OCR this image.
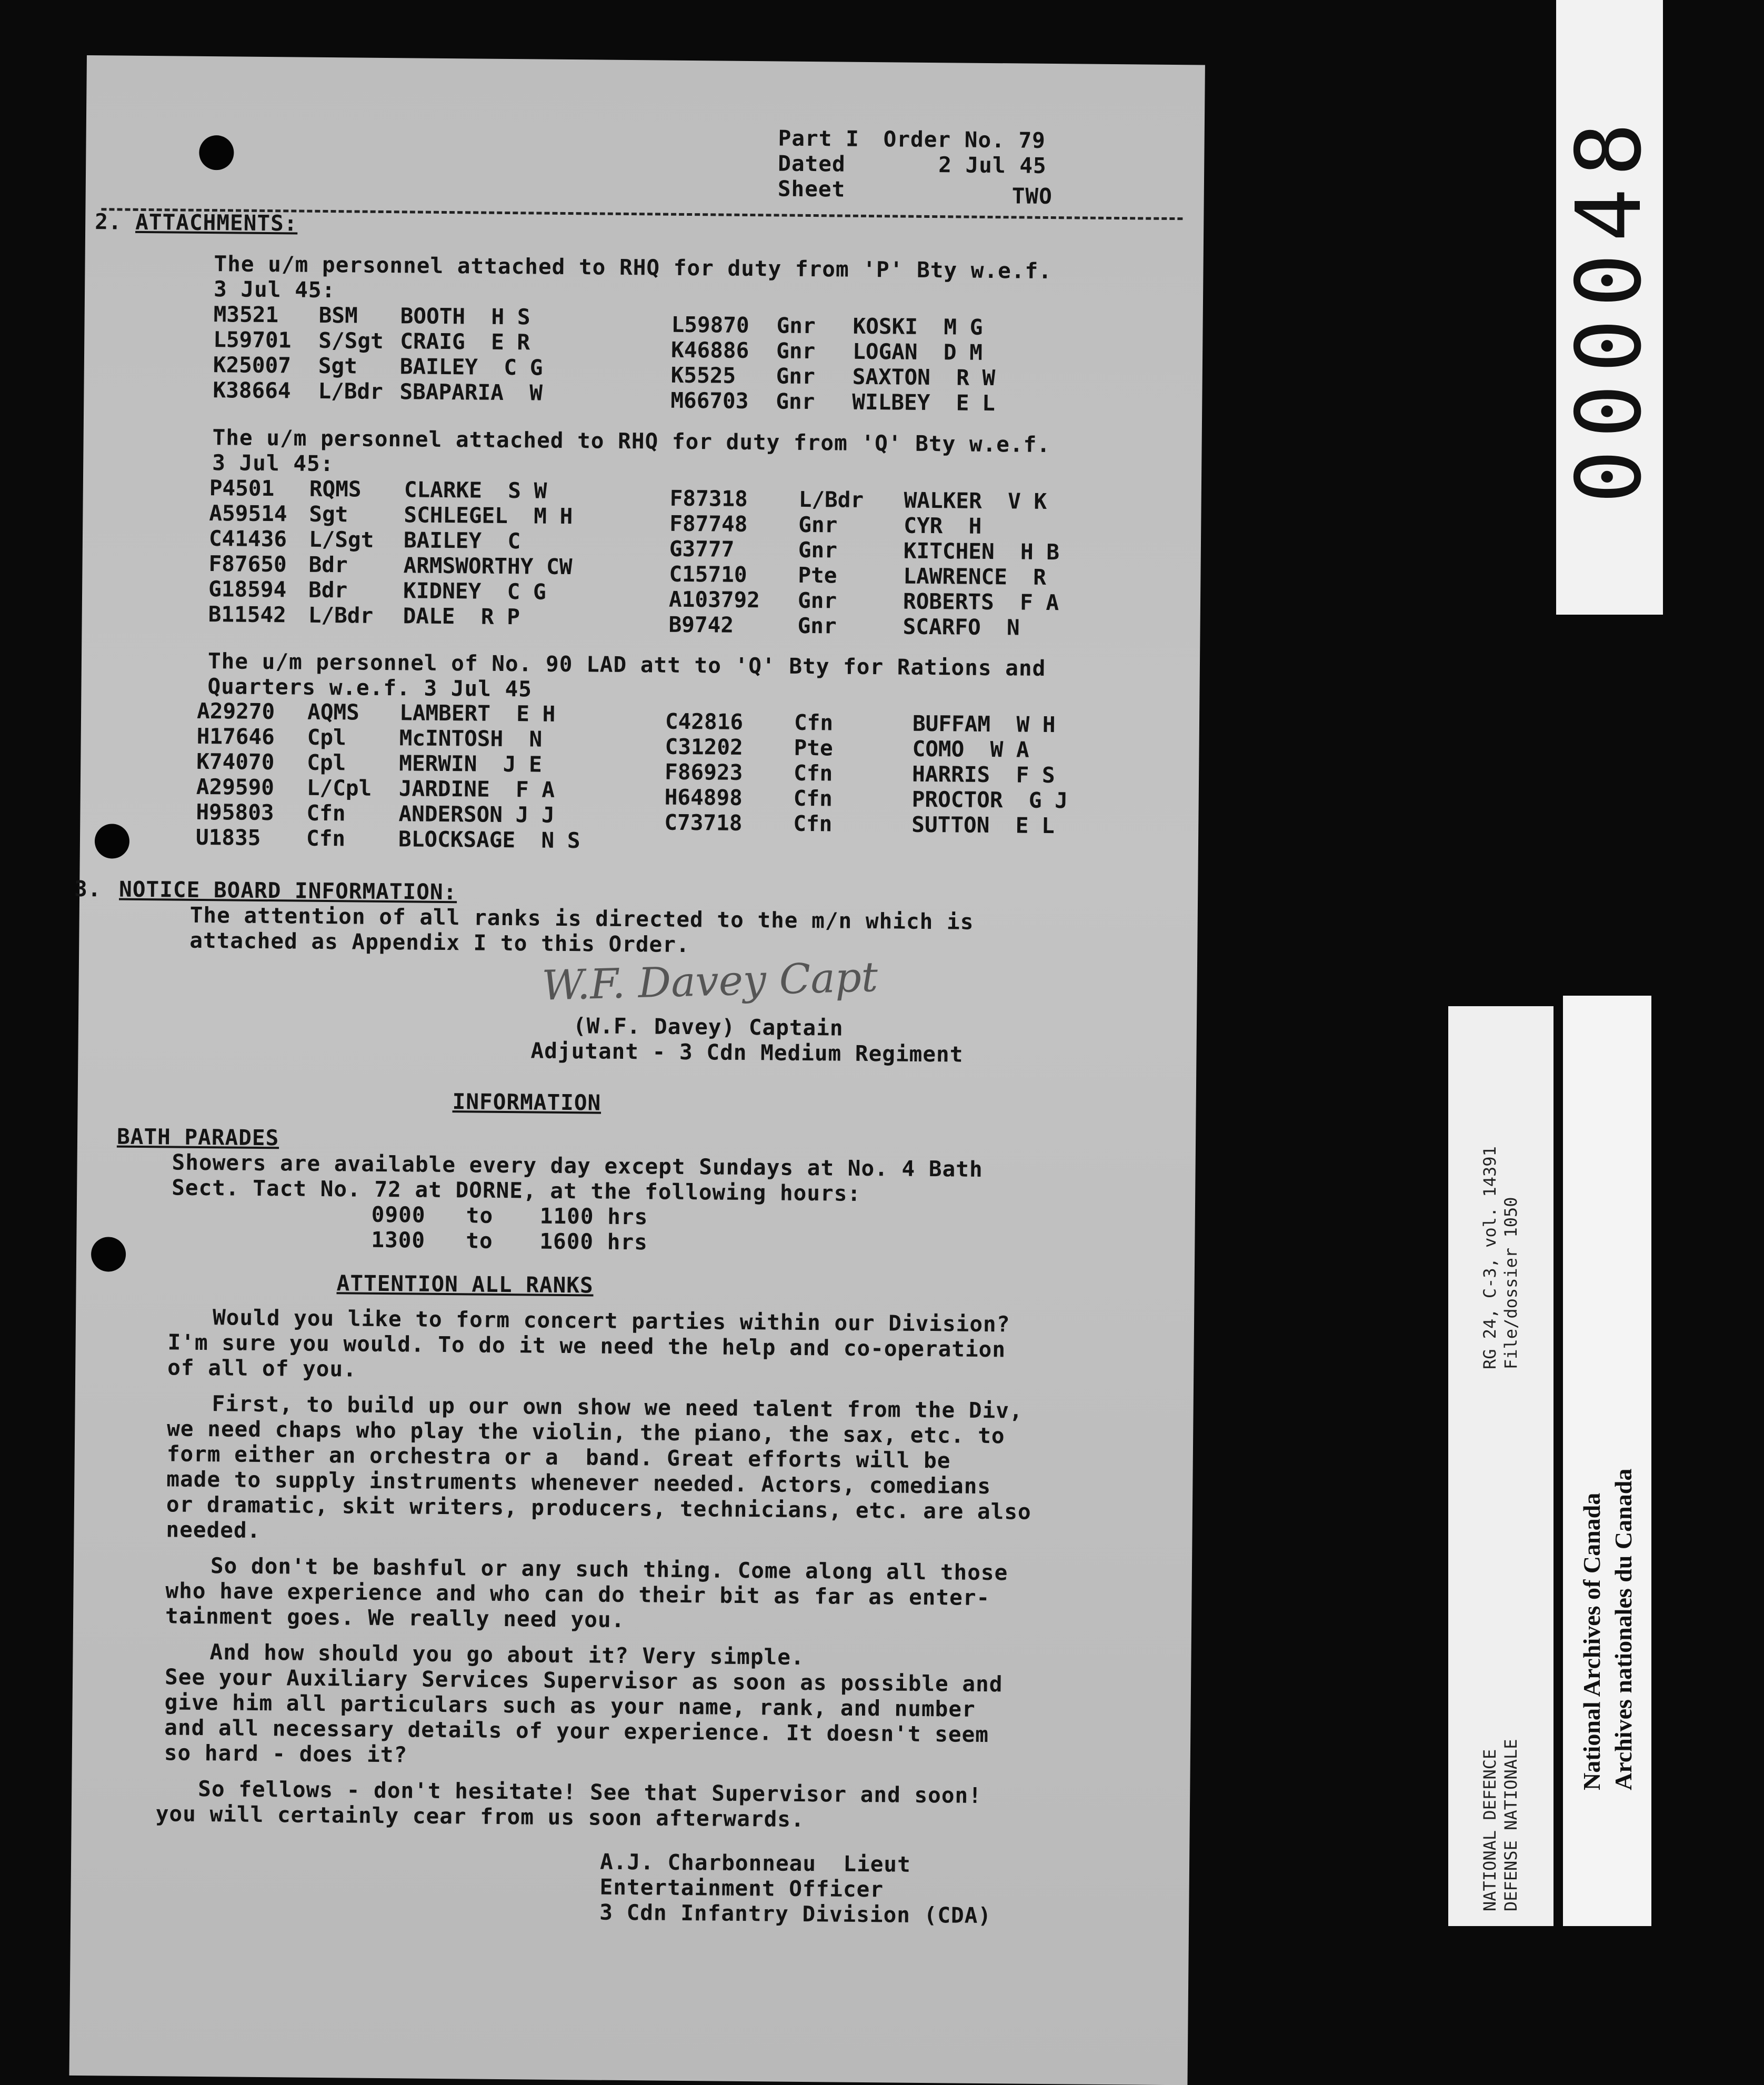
Part I Order No. 79
Dated	2 Jul 45
Sheet	TWO
2. ATTACHMENTS:
The u/m personnel attached to RHQ for duty from 'P' Bty w.e.f.
3 Jul 45:
M3521 BSM BOOTH  H S
L59701 S/Sgt CRAIG  E R
K25007 Sgt BAILEY  C G
K38664 L/Bdr SBAPARIA  W
L59870 Gnr KOSKI  M G
K46886 Gnr LOGAN  D M
K5525 Gnr SAXTON  R W
M66703 Gnr WILBEY  E L
The u/m personnel attached to RHQ for duty from 'Q' Bty w.e.f.
3 Jul 45:
P4501 RQMS CLARKE  S W
A59514 Sgt	SCHLEGEL  M H
C41436 L/Sgt BAILEY  C
F87650 Bdr	ARMSWORTHY CW
G18594 Bdr	KIDNEY  C G
B11542 L/Bdr DALE  R P
F87318 L/Bdr WALKER  V K
F87748 Gnr	CYR  H
G3777	Gnr	KITCHEN  H B
C15710 Pte	LAWRENCE  R
A103792 Gnr	ROBERTS  F A
B9742	Gnr	SCARFO  N
The u/m personnel of No. 90 LAD att to 'Q' Bty for Rations and
Quarters w.e.f. 3 Jul 45
A29270 AQMS LAMBERT  E H
H17646 Cpl McINTOSH  N
K74070 Cpl MERWIN  J E
A29590 L/Cpl JARDINE  F A
H95803 Cfn ANDERSON J J
U1835 Cfn BLOCKSAGE  N S
C42816 Cfn	BUFFAM  W H
C31202 Pte	COMO  W A
F86923 Cfn	HARRIS  F S
H64898 Cfn	PROCTOR  G J
C73718 Cfn	SUTTON  E L
3. NOTICE BOARD INFORMATION:
The attention of all ranks is directed to the m/n which is
attached as Appendix I to this Order.
W.F. Davey Capt
(W.F. Davey) Captain
Adjutant - 3 Cdn Medium Regiment
INFORMATION
BATH PARADES
Showers are available every day except Sundays at No. 4 Bath
Sect. Tact No. 72 at DORNE, at the following hours:
0900 to 1100 hrs
1300 to 1600 hrs
ATTENTION ALL RANKS
Would you like to form concert parties within our Division?
I'm sure you would. To do it we need the help and co-operation
of all of you.
First, to build up our own show we need talent from the Div,
we need chaps who play the violin, the piano, the sax, etc. to
form either an orchestra or a  band. Great efforts will be
made to supply instruments whenever needed. Actors, comedians
or dramatic, skit writers, producers, technicians, etc. are also
needed.
So don't be bashful or any such thing. Come along all those
who have experience and who can do their bit as far as enter-
tainment goes. We really need you.
And how should you go about it? Very simple.
See your Auxiliary Services Supervisor as soon as possible and
give him all particulars such as your name, rank, and number
and all necessary details of your experience. It doesn't seem
so hard - does it?
So fellows - don't hesitate! See that Supervisor and soon!
you will certainly cear from us soon afterwards.
A.J. Charbonneau  Lieut
Entertainment Officer
3 Cdn Infantry Division (CDA)
000048
RG 24, C-3, vol. 14391 File/dossier 1050
NATIONAL DEFENCE DEFENSE NATIONALE
National Archives of Canada Archives nationales du Canada
